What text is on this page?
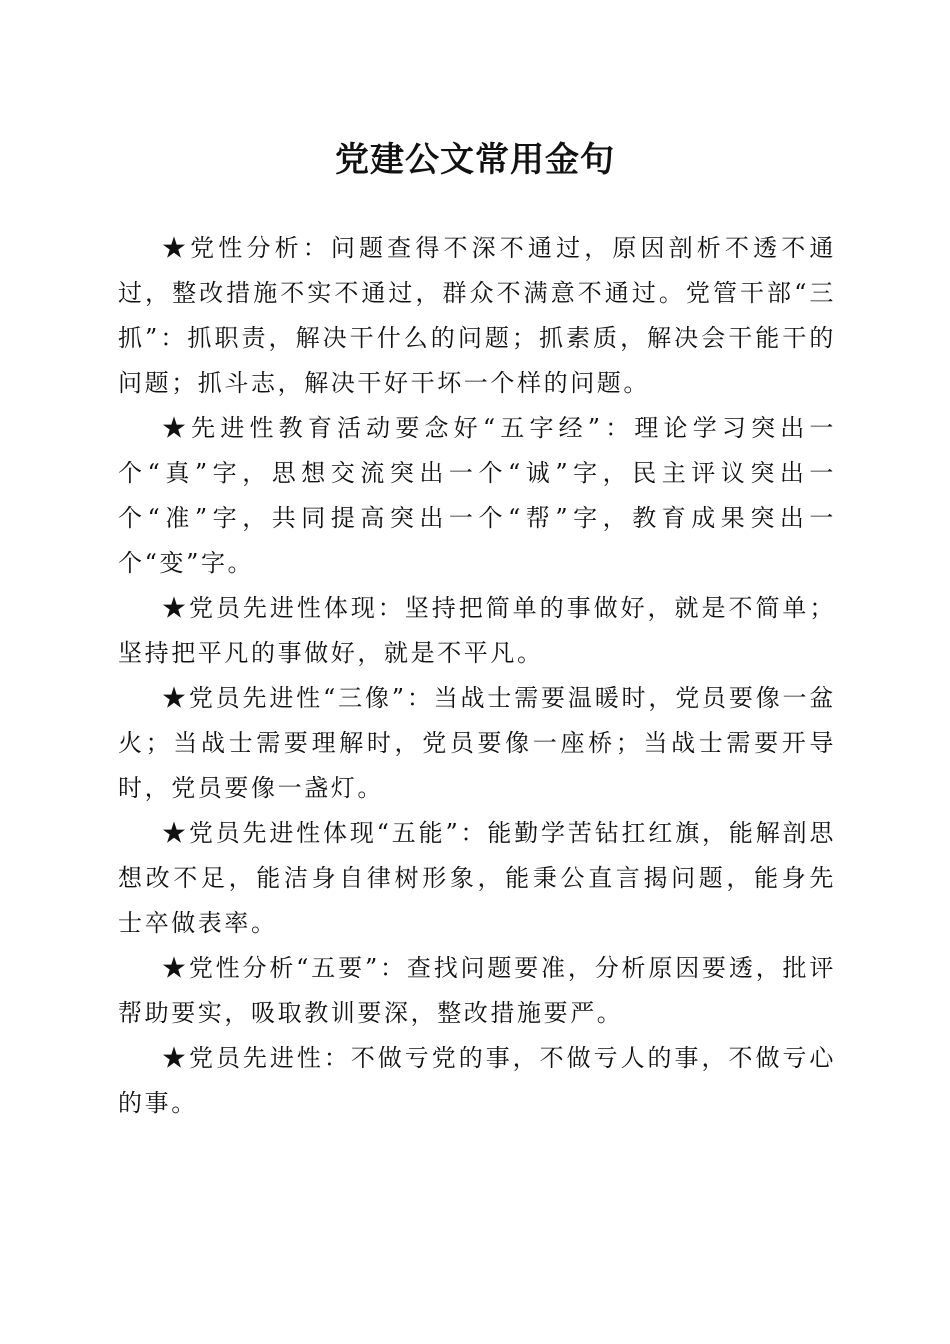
党建公文常用金句

★党性分析：问题查得不深不通过，原因剖析不透不通过，整改措施不实不通过，群众不满意不通过。党管干部“三抓”：抓职责，解决干什么的问题；抓素质，解决会干能干的问题；抓斗志，解决干好干坏一个样的问题。

★先进性教育活动要念好“五字经”：理论学习突出一个“真”字，思想交流突出一个“诚”字，民主评议突出一个“准”字，共同提高突出一个“帮”字，教育成果突出一个“变”字。

★党员先进性体现：坚持把简单的事做好，就是不简单；坚持把平凡的事做好，就是不平凡。

★党员先进性“三像”：当战士需要温暖时，党员要像一盆火；当战士需要理解时，党员要像一座桥；当战士需要开导时，党员要像一盏灯。

★党员先进性体现“五能”：能勤学苦钻扛红旗，能解剖思想改不足，能洁身自律树形象，能秉公直言揭问题，能身先士卒做表率。

★党性分析“五要”：查找问题要准，分析原因要透，批评帮助要实，吸取教训要深，整改措施要严。

★党员先进性：不做亏党的事，不做亏人的事，不做亏心的事。
